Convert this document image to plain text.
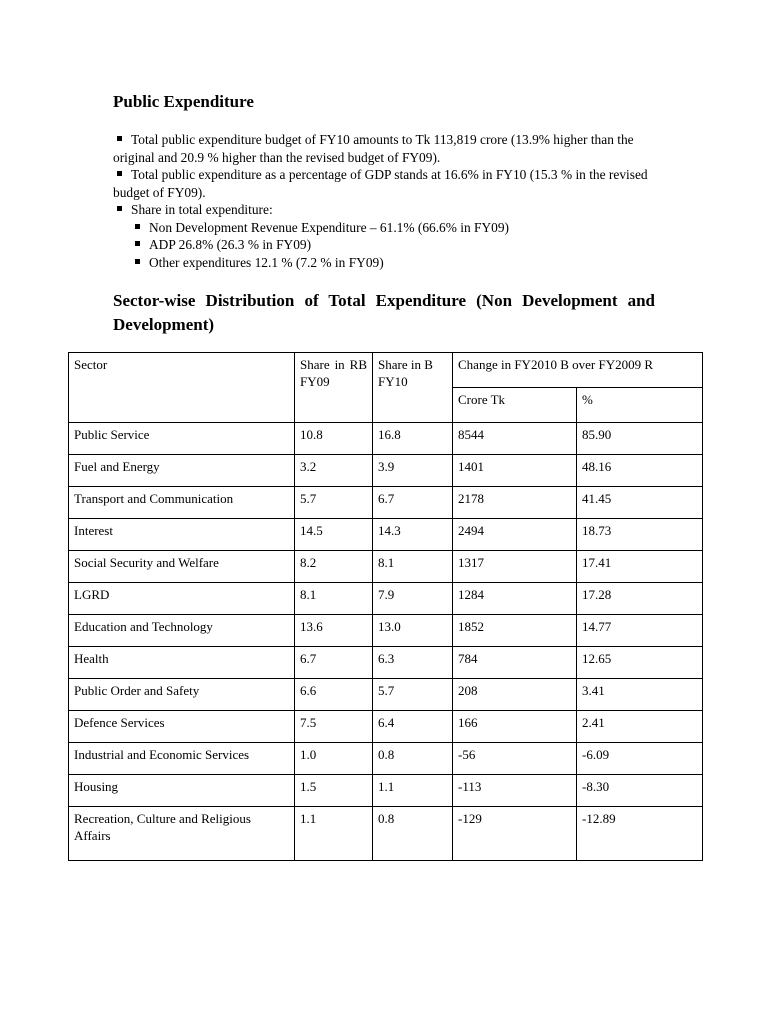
Public Expenditure

Total public expenditure budget of FY10 amounts to Tk 113,819 crore (13.9% higher than the original and 20.9 % higher than the revised budget of FY09).

Total public expenditure as a percentage of GDP stands at 16.6% in FY10 (15.3 % in the revised budget of FY09).

Share in total expenditure:

Non Development Revenue Expenditure – 61.1% (66.6% in FY09)

ADP 26.8% (26.3 % in FY09)

Other expenditures 12.1 % (7.2 % in FY09)

Sector-wise Distribution of Total Expenditure (Non Development and Development)
Sector	Share in RB FY09	Share in B FY10	Change in FY2010 B over FY2009 R	
			Crore Tk	%
Public Service	10.8	16.8	8544	85.90
Fuel and Energy	3.2	3.9	1401	48.16
Transport and Communication	5.7	6.7	2178	41.45
Interest	14.5	14.3	2494	18.73
Social Security and Welfare	8.2	8.1	1317	17.41
LGRD	8.1	7.9	1284	17.28
Education and Technology	13.6	13.0	1852	14.77
Health	6.7	6.3	784	12.65
Public Order and Safety	6.6	5.7	208	3.41
Defence Services	7.5	6.4	166	2.41
Industrial and Economic Services	1.0	0.8	-56	-6.09
Housing	1.5	1.1	-113	-8.30
Recreation, Culture and Religious Affairs	1.1	0.8	-129	-12.89
